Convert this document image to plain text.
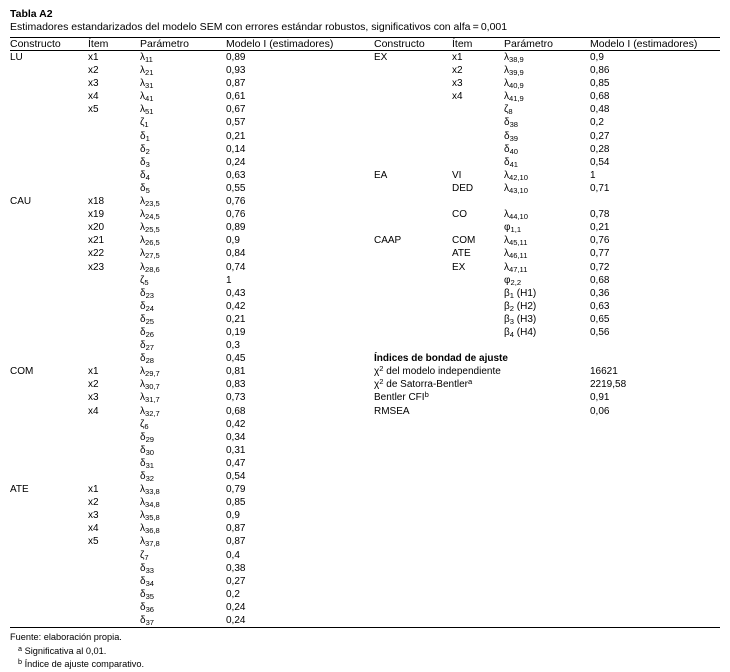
Tabla A2
Estimadores estandarizados del modelo SEM con errores estándar robustos, significativos con alfa = 0,001
Constructo	Ítem	Parámetro	Modelo I (estimadores)		Constructo	Ítem	Parámetro	Modelo I (estimadores)
LU	x1	$\lambda_{11}$	0,89		EX	x1	$\lambda_{38,9}$	0,9
	x2	$\lambda_{21}$	0,93			x2	$\lambda_{39,9}$	0,86
	x3	$\lambda_{31}$	0,87			x3	$\lambda_{40,9}$	0,85
	x4	$\lambda_{41}$	0,61			x4	$\lambda_{41,9}$	0,68
	x5	$\lambda_{51}$	0,67				$\zeta_8$	0,48
		$\zeta_1$	0,57				$\delta_{38}$	0,2
		$\delta_1$	0,21				$\delta_{39}$	0,27
		$\delta_2$	0,14				$\delta_{40}$	0,28
		$\delta_3$	0,24				$\delta_{41}$	0,54
		$\delta_4$	0,63		EA	VI	$\lambda_{42,10}$	1
		$\delta_5$	0,55			DED	$\lambda_{43,10}$	0,71
CAU	x18	$\lambda_{23,5}$	0,76					
	x19	$\lambda_{24,5}$	0,76			CO	$\lambda_{44,10}$	0,78
	x20	$\lambda_{25,5}$	0,89				$\varphi_{1,1}$	0,21
	x21	$\lambda_{26,5}$	0,9		CAAP	COM	$\lambda_{45,11}$	0,76
	x22	$\lambda_{27,5}$	0,84			ATE	$\lambda_{46,11}$	0,77
	x23	$\lambda_{28,6}$	0,74			EX	$\lambda_{47,11}$	0,72
		$\zeta_5$	1				$\varphi_{2,2}$	0,68
		$\delta_{23}$	0,43				$\beta_1$ (H1)	0,36
		$\delta_{24}$	0,42				$\beta_2$ (H2)	0,63
		$\delta_{25}$	0,21				$\beta_3$ (H3)	0,65
		$\delta_{26}$	0,19				$\beta_4$ (H4)	0,56
		$\delta_{27}$	0,3					
		$\delta_{28}$	0,45		Índices de bondad de ajuste			
COM	x1	$\lambda_{29,7}$	0,81		$\chi^2$ del modelo independiente			16621
	x2	$\lambda_{30,7}$	0,83		$\chi^2$ de Satorra-Bentler$^a$			2219,58
	x3	$\lambda_{31,7}$	0,73		Bentler CFI$^b$			0,91
	x4	$\lambda_{32,7}$	0,68		RMSEA			0,06
		$\zeta_6$	0,42					
		$\delta_{29}$	0,34					
		$\delta_{30}$	0,31					
		$\delta_{31}$	0,47					
		$\delta_{32}$	0,54					
ATE	x1	$\lambda_{33,8}$	0,79					
	x2	$\lambda_{34,8}$	0,85					
	x3	$\lambda_{35,8}$	0,9					
	x4	$\lambda_{36,8}$	0,87					
	x5	$\lambda_{37,8}$	0,87					
		$\zeta_7$	0,4					
		$\delta_{33}$	0,38					
		$\delta_{34}$	0,27					
		$\delta_{35}$	0,2					
		$\delta_{36}$	0,24					
		$\delta_{37}$	0,24					
Fuente: elaboración propia.
$^a$ Significativa al 0,01.
$^b$ Índice de ajuste comparativo.
